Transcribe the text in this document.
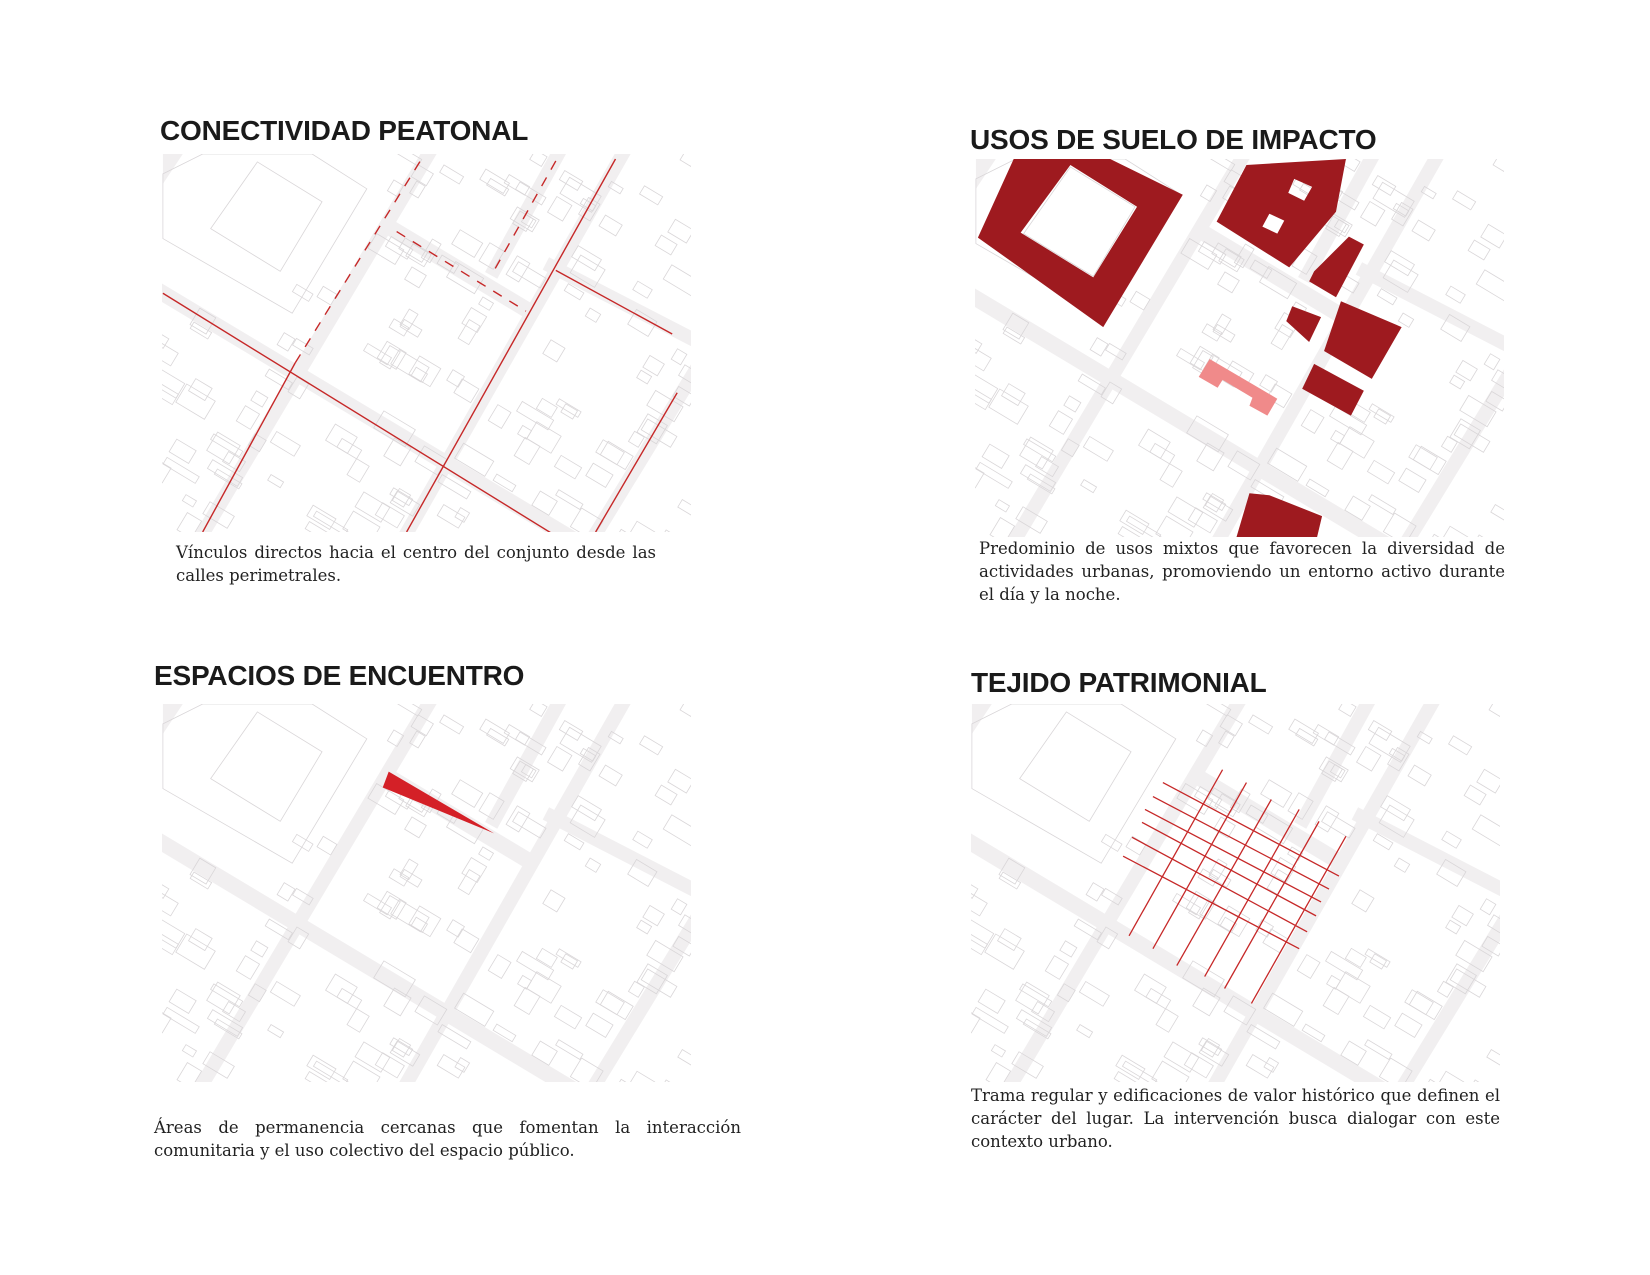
CONECTIVIDAD PEATONAL
Vínculos directos hacia el centro del conjunto desde las calles perimetrales.
USOS DE SUELO DE IMPACTO
Predominio de usos mixtos que favorecen la diversidad de actividades urbanas, promoviendo un entorno activo durante el día y la noche.
ESPACIOS DE ENCUENTRO
Áreas de permanencia cercanas que fomentan la interacción comunitaria y el uso colectivo del espacio público.
TEJIDO PATRIMONIAL
Trama regular y edificaciones de valor histórico que definen el carácter del lugar. La intervención busca dialogar con este contexto urbano.
